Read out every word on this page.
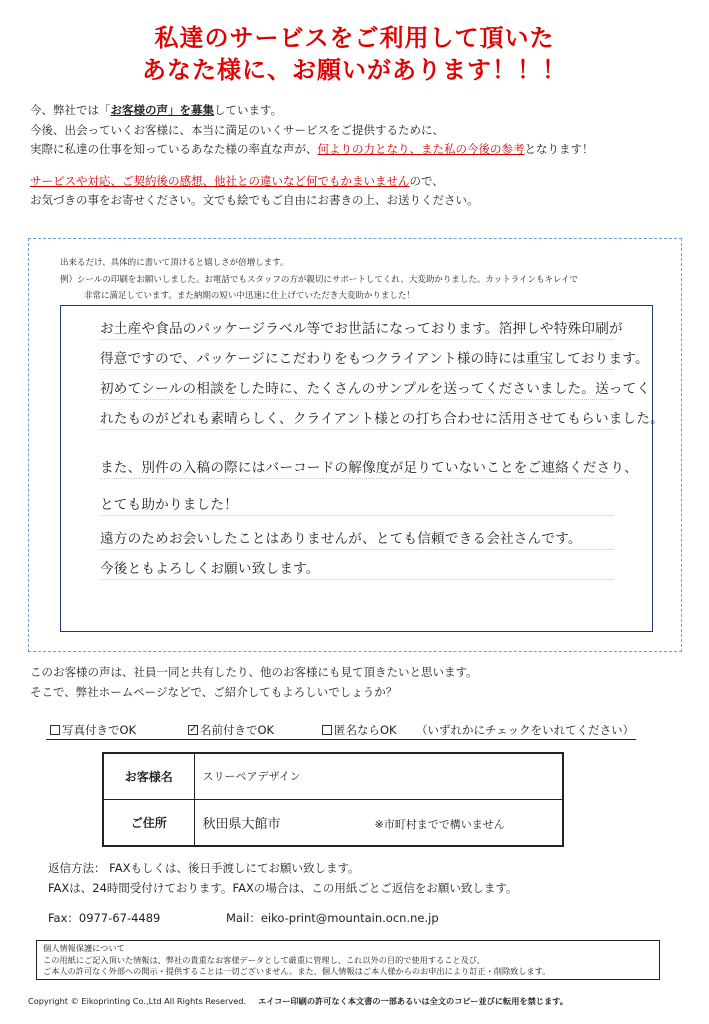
私達のサービスをご利用して頂いた
あなた様に、お願いがあります！！！
今、弊社では「お客様の声」を募集しています。
今後、出会っていくお客様に、本当に満足のいくサービスをご提供するために、
実際に私達の仕事を知っているあなた様の率直な声が、何よりの力となり、また私の今後の参考となります！
サービスや対応、ご契約後の感想、他社との違いなど何でもかまいませんので、
お気づきの事をお寄せください。文でも絵でもご自由にお書きの上、お送りください。
出来るだけ、具体的に書いて頂けると嬉しさが倍増します。
例）シールの印刷をお願いしました。お電話でもスタッフの方が親切にサポートしてくれ、大変助かりました。カットラインもキレイで
非常に満足しています。また納期の短い中迅速に仕上げていただき大変助かりました！
お土産や食品のパッケージラベル等でお世話になっております。箔押しや特殊印刷が
得意ですので、パッケージにこだわりをもつクライアント様の時には重宝しております。
初めてシールの相談をした時に、たくさんのサンプルを送ってくださいました。送ってく
れたものがどれも素晴らしく、クライアント様との打ち合わせに活用させてもらいました。
また、別件の入稿の際にはバーコードの解像度が足りていないことをご連絡くださり、
とても助かりました！
遠方のためお会いしたことはありませんが、とても信頼できる会社さんです。
今後ともよろしくお願い致します。
このお客様の声は、社員一同と共有したり、他のお客様にも見て頂きたいと思います。
そこで、弊社ホームページなどで、ご紹介してもよろしいでしょうか？
写真付きでOK	✓ 名前付きでOK	匿名ならOK （いずれかにチェックをいれてください）
お客様名	スリーペアデザイン
ご住所	秋田県大館市 ※市町村までで構いません
返信方法： FAXもしくは、後日手渡しにてお願い致します。
FAXは、24時間受付けております。FAXの場合は、この用紙ごとご返信をお願い致します。
Fax：0977-67-4489	Mail：eiko-print@mountain.ocn.ne.jp

個人情報保護について

この用紙にご記入頂いた情報は、弊社の貴重なお客様データとして厳重に管理し、これ以外の目的で使用すること及び、

ご本人の許可なく外部への開示・提供することは一切ございません。また、個人情報はご本人様からのお申出により訂正・削除致します。

Copyright © Eikoprinting Co.,Ltd All Rights Reserved. エイコー印刷の許可なく本文書の一部あるいは全文のコピー並びに転用を禁じます。
